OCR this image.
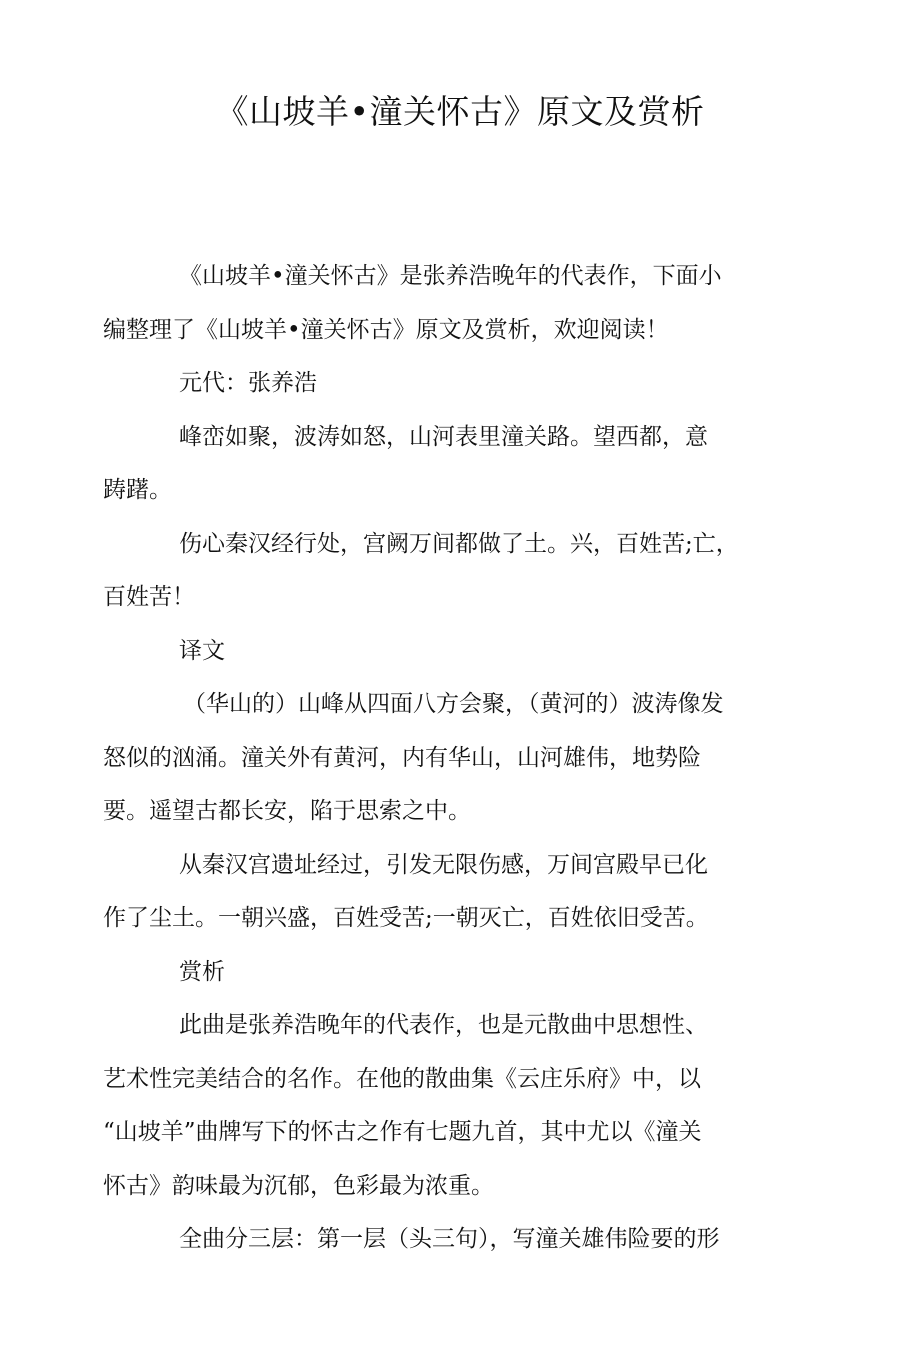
《山坡羊•潼关怀古》原文及赏析
《山坡羊•潼关怀古》是张养浩晚年的代表作，下面小
编整理了《山坡羊•潼关怀古》原文及赏析，欢迎阅读！
元代：张养浩
峰峦如聚，波涛如怒，山河表里潼关路。望西都，意
踌躇。
伤心秦汉经行处，宫阙万间都做了土。兴，百姓苦;亡，
百姓苦！
译文
（华山的）山峰从四面八方会聚，（黄河的）波涛像发
怒似的汹涌。潼关外有黄河，内有华山，山河雄伟，地势险
要。遥望古都长安，陷于思索之中。
从秦汉宫遗址经过，引发无限伤感，万间宫殿早已化
作了尘土。一朝兴盛，百姓受苦;一朝灭亡，百姓依旧受苦。
赏析
此曲是张养浩晚年的代表作，也是元散曲中思想性、
艺术性完美结合的名作。在他的散曲集《云庄乐府》中，以
“山坡羊”曲牌写下的怀古之作有七题九首，其中尤以《潼关
怀古》韵味最为沉郁，色彩最为浓重。
全曲分三层：第一层（头三句），写潼关雄伟险要的形
